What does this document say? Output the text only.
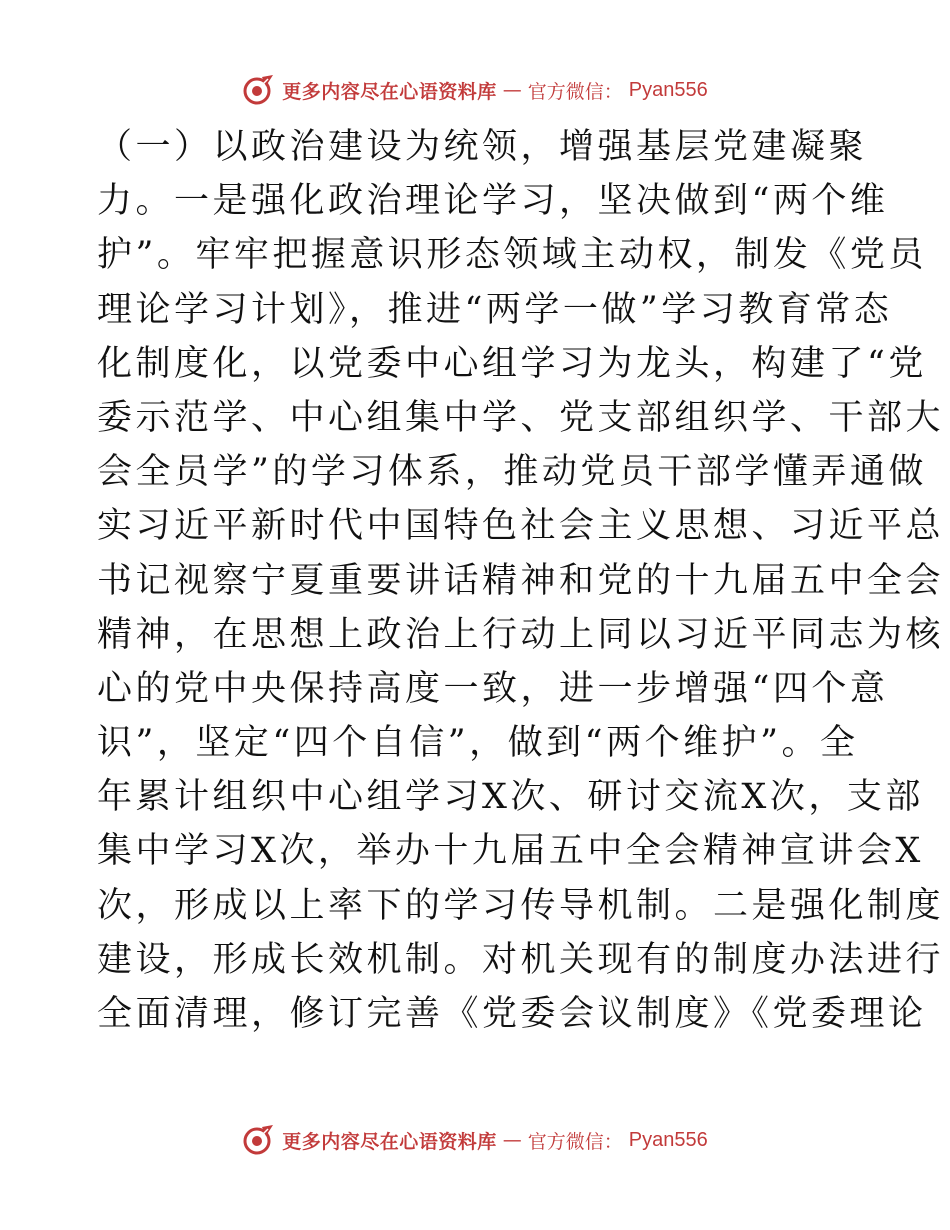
更多内容尽在心语资料库 — 官方微信： Pyan556
（一）以政治建设为统领，增强基层党建凝聚
力。一是强化政治理论学习，坚决做到“两个维
护”。牢牢把握意识形态领域主动权，制发《党员
理论学习计划》，推进“两学一做”学习教育常态
化制度化，以党委中心组学习为龙头，构建了“党
委示范学、中心组集中学、党支部组织学、干部大
会全员学”的学习体系，推动党员干部学懂弄通做
实习近平新时代中国特色社会主义思想、习近平总
书记视察宁夏重要讲话精神和党的十九届五中全会
精神，在思想上政治上行动上同以习近平同志为核
心的党中央保持高度一致，进一步增强“四个意
识”，坚定“四个自信”，做到“两个维护”。全
年累计组织中心组学习X次、研讨交流X次，支部
集中学习X次，举办十九届五中全会精神宣讲会X
次，形成以上率下的学习传导机制。二是强化制度
建设，形成长效机制。对机关现有的制度办法进行
全面清理，修订完善《党委会议制度》《党委理论
更多内容尽在心语资料库 — 官方微信： Pyan556
